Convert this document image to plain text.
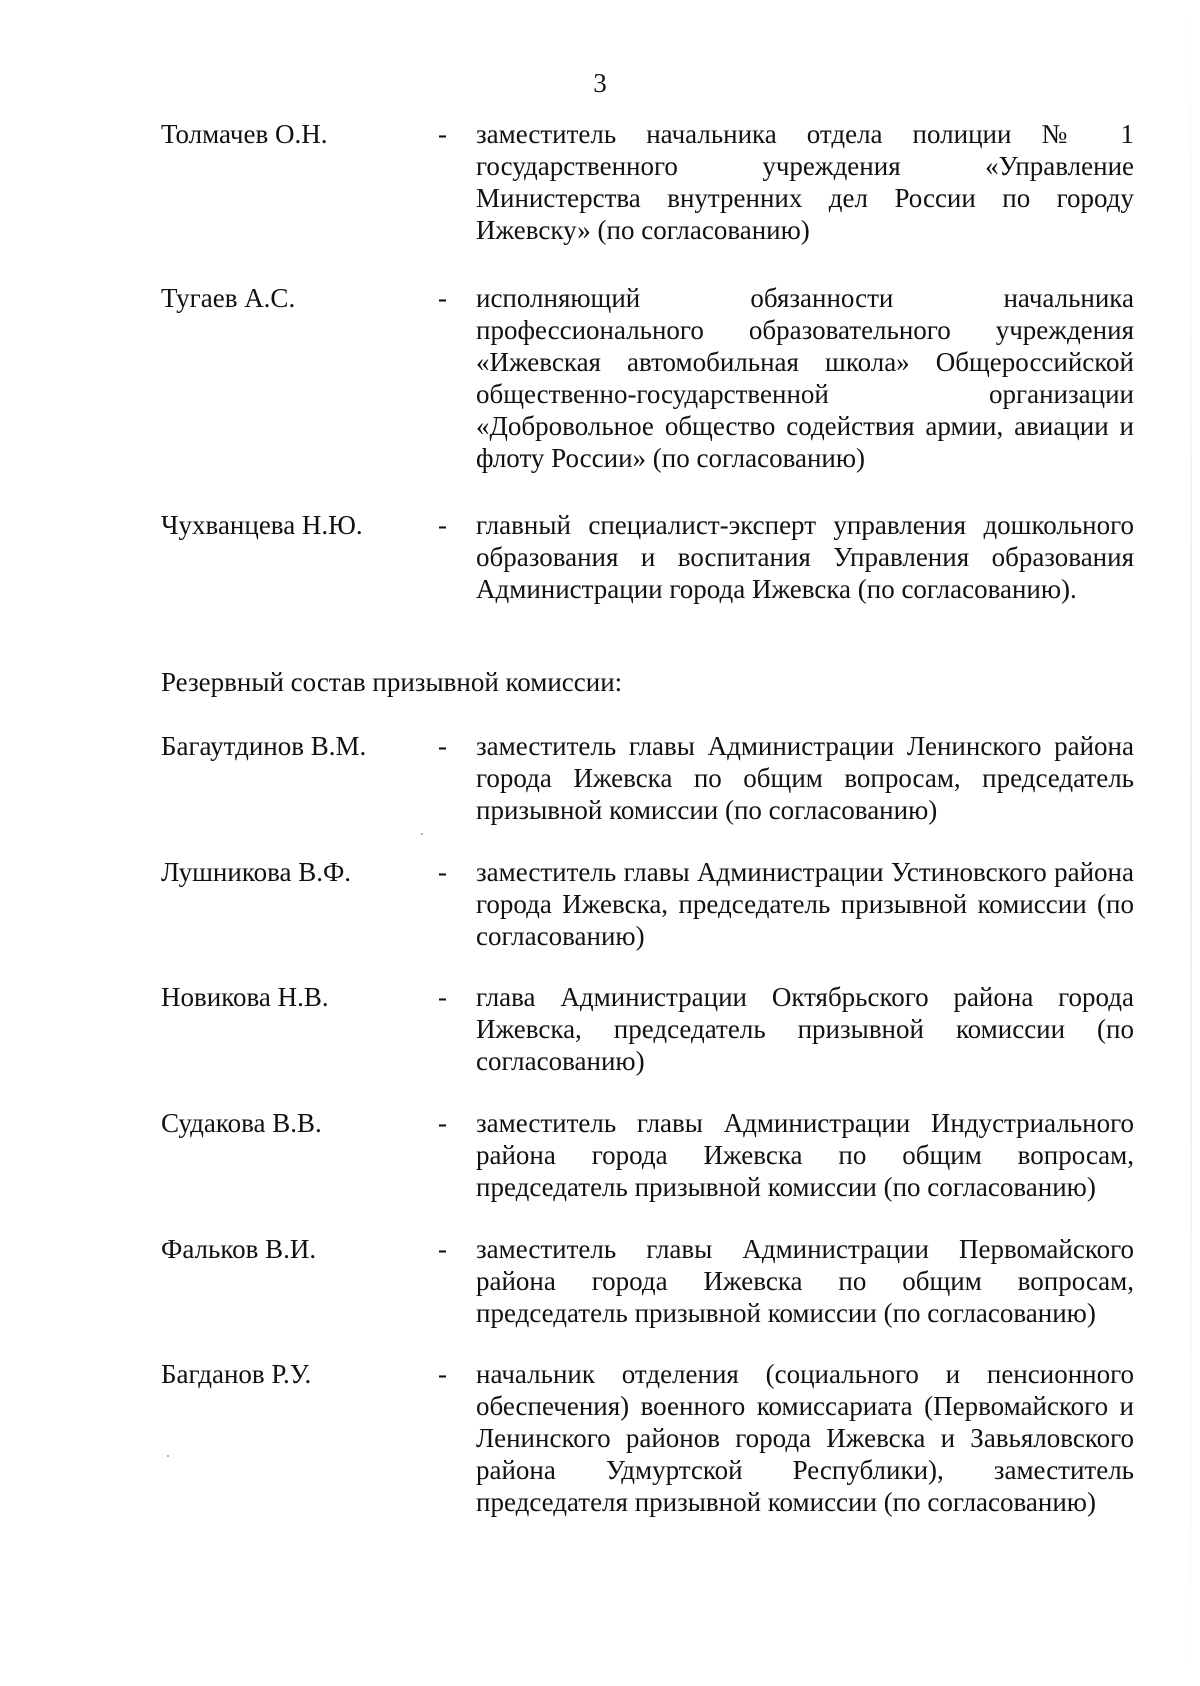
3
Толмачев О.Н.	- заместитель начальника отдела полиции № 1 государственного учреждения «Управление Министерства внутренних дел России по городу Ижевску» (по согласованию)
Тугаев А.С.	- исполняющий обязанности начальника профессионального образовательного учреждения «Ижевская автомобильная школа» Общероссийской общественно-государственной организации «Добровольное общество содействия армии, авиации и флоту России» (по согласованию)
Чухванцева Н.Ю.	- главный специалист-эксперт управления дошкольного образования и воспитания Управления образования Администрации города Ижевска (по согласованию).
Резервный состав призывной комиссии:
Багаутдинов В.М.	- заместитель главы Администрации Ленинского района города Ижевска по общим вопросам, председатель призывной комиссии (по согласованию)
Лушникова В.Ф.	- заместитель главы Администрации Устиновского района города Ижевска, председатель призывной комиссии (по согласованию)
Новикова Н.В.	- глава Администрации Октябрьского района города Ижевска, председатель призывной комиссии (по согласованию)
Судакова В.В.	- заместитель главы Администрации Индустриального района города Ижевска по общим вопросам, председатель призывной комиссии (по согласованию)
Фальков В.И.	- заместитель главы Администрации Первомайского района города Ижевска по общим вопросам, председатель призывной комиссии (по согласованию)
Багданов Р.У.	- начальник отделения (социального и пенсионного обеспечения) военного комиссариата (Первомайского и Ленинского районов города Ижевска и Завьяловского района Удмуртской Республики), заместитель председателя призывной комиссии (по согласованию)
